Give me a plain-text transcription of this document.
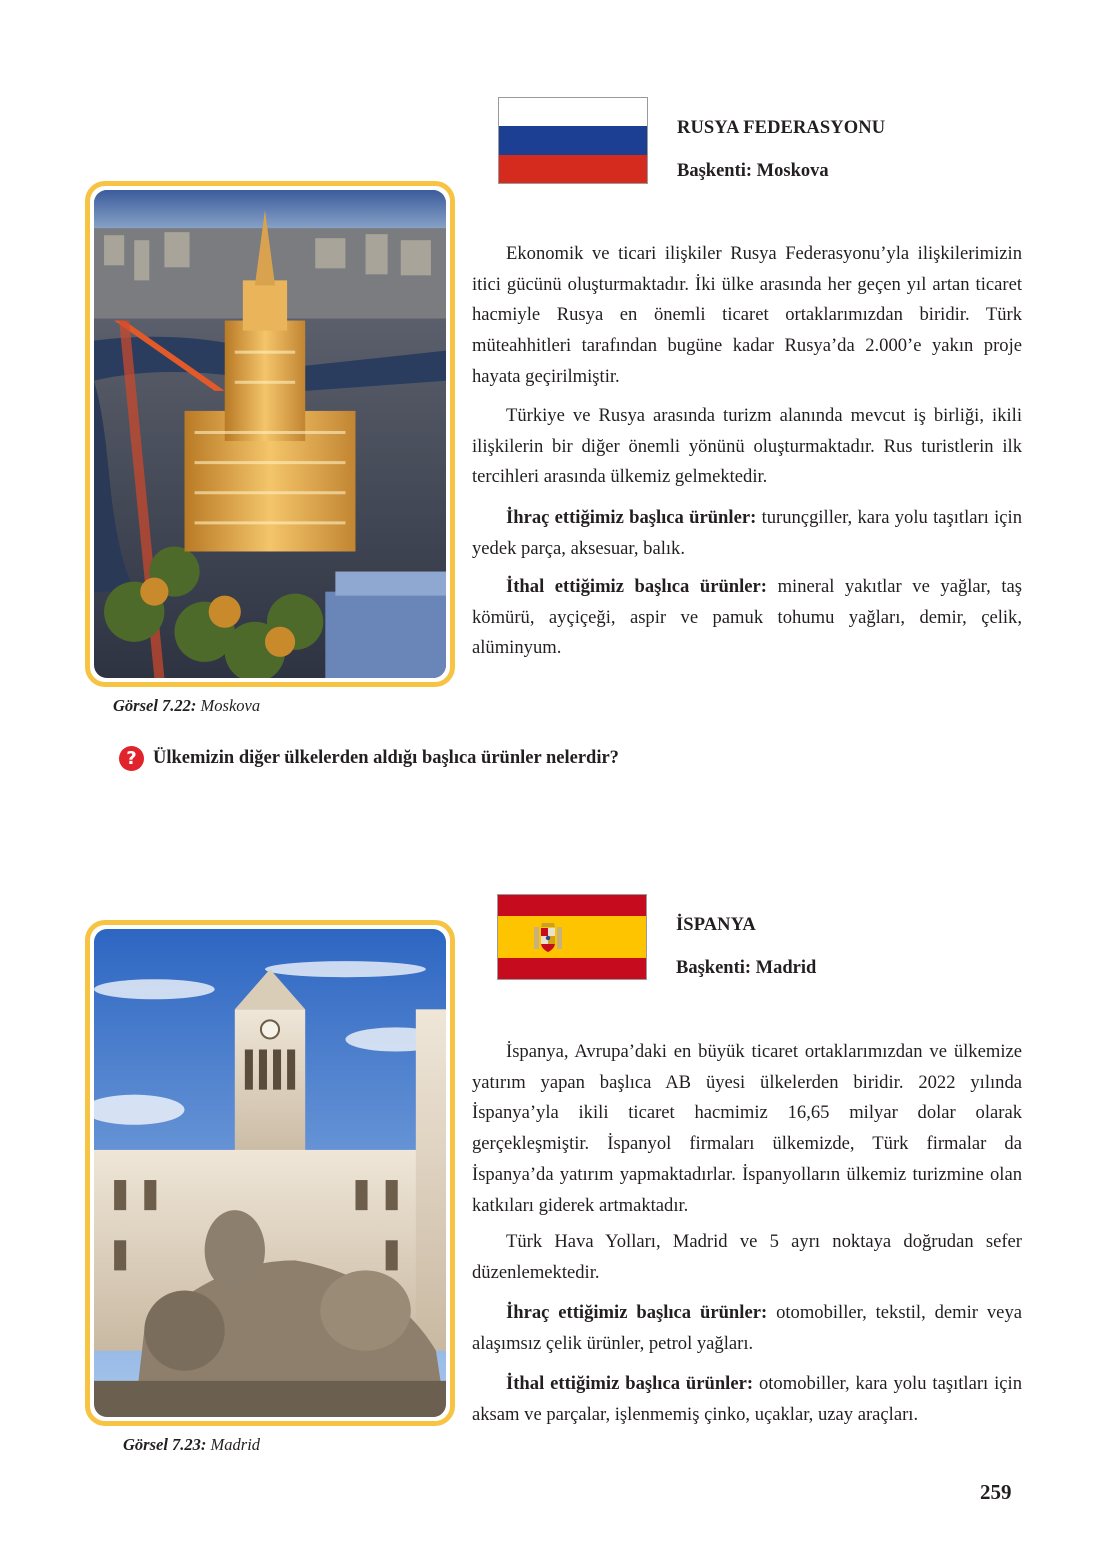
RUSYA FEDERASYONU
Başkenti: Moskova
Görsel 7.22: Moskova

Ekonomik ve ticari ilişkiler Rusya Federasyonu’yla ilişkilerimizin itici gücünü oluşturmaktadır. İki ülke arasında her geçen yıl artan ticaret hacmiyle Rusya en önemli ticaret ortaklarımızdan biridir. Türk müteahhitleri tarafından bugüne kadar Rusya’da 2.000’e yakın proje hayata geçirilmiştir.

Türkiye ve Rusya arasında turizm alanında mevcut iş birliği, ikili ilişkilerin bir diğer önemli yönünü oluşturmaktadır. Rus turistlerin ilk tercihleri arasında ülkemiz gelmektedir.

İhraç ettiğimiz başlıca ürünler: turunçgiller, kara yolu taşıtları için yedek parça, aksesuar, balık.

İthal ettiğimiz başlıca ürünler: mineral yakıtlar ve yağlar, taş kömürü, ayçiçeği, aspir ve pamuk tohumu yağları, demir, çelik, alüminyum.

? Ülkemizin diğer ülkelerden aldığı başlıca ürünler nelerdir?
İSPANYA
Başkenti: Madrid
Görsel 7.23: Madrid

İspanya, Avrupa’daki en büyük ticaret ortaklarımızdan ve ülkemize yatırım yapan başlıca AB üyesi ülkelerden biridir. 2022 yılında İspanya’yla ikili ticaret hacmimiz 16,65 milyar dolar olarak gerçekleşmiştir. İspanyol firmaları ülkemizde, Türk firmalar da İspanya’da yatırım yapmaktadırlar. İspanyolların ülkemiz turizmine olan katkıları giderek artmaktadır.

Türk Hava Yolları, Madrid ve 5 ayrı noktaya doğrudan sefer düzenlemektedir.

İhraç ettiğimiz başlıca ürünler: otomobiller, tekstil, demir veya alaşımsız çelik ürünler, petrol yağları.

İthal ettiğimiz başlıca ürünler: otomobiller, kara yolu taşıtları için aksam ve parçalar, işlenmemiş çinko, uçaklar, uzay araçları.

259
